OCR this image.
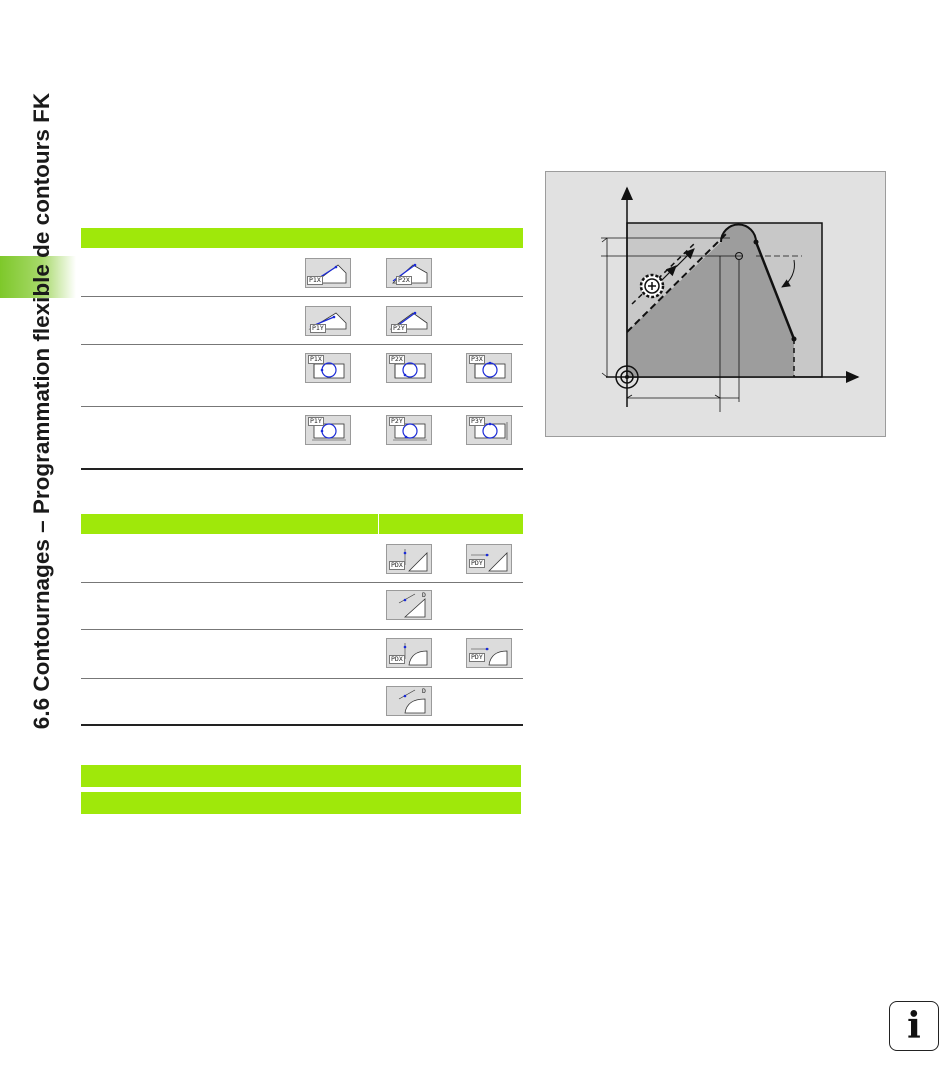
6.6 Contournages – Programmation flexible de contours FK	P1X	P2X
P1Y	P2Y
P1X	P2X	P3X
P1Y	P2Y	P3Y
PDX	PDY
D
PDX	PDY
D
i
